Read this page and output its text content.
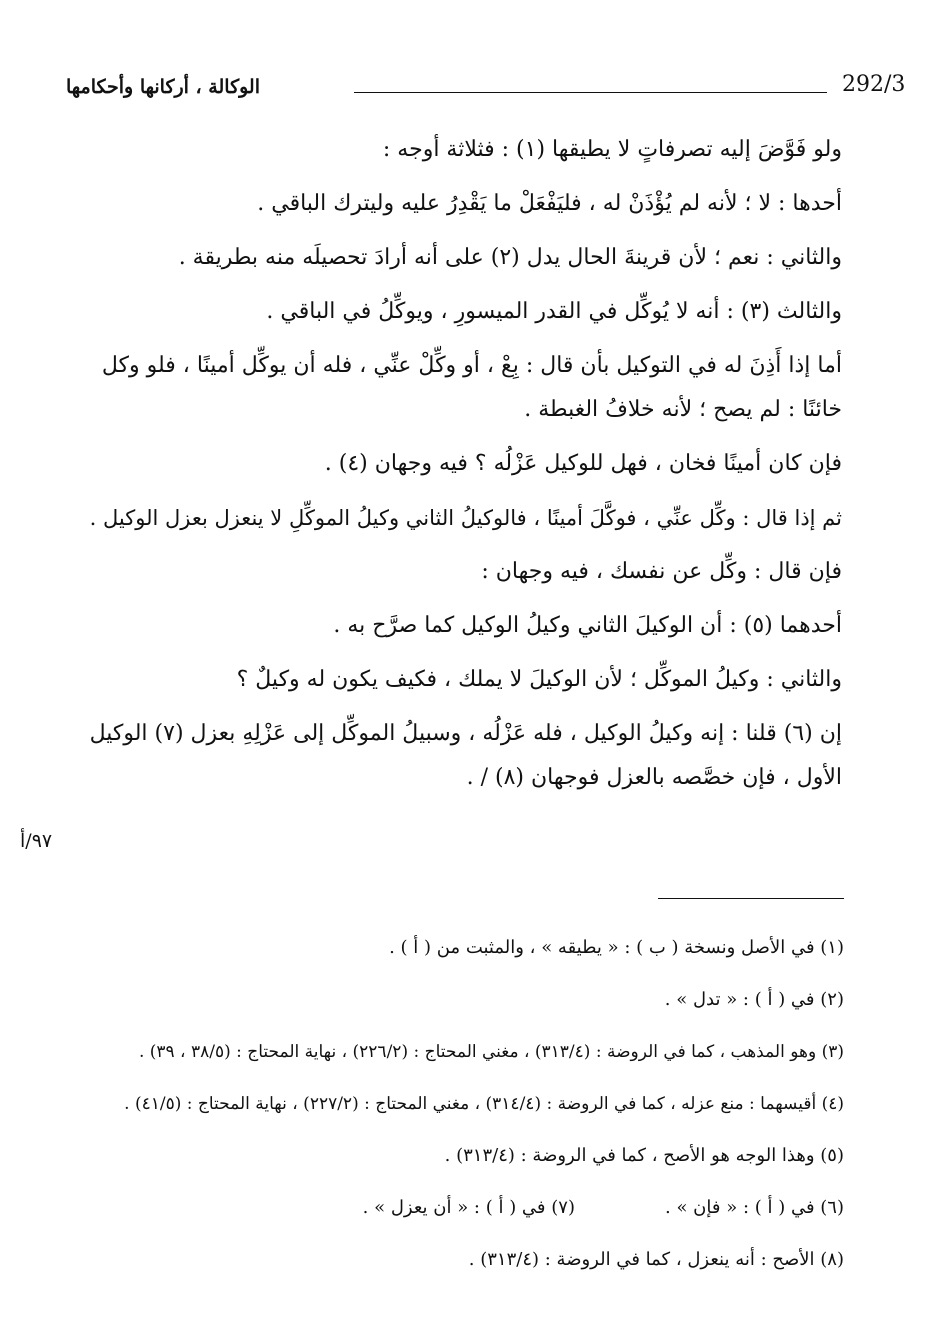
292/3
الوكالة ، أركانها وأحكامها

ولو فَوَّضَ إليه تصرفاتٍ لا يطيقها (١) : فثلاثة أوجه :

أحدها : لا ؛ لأنه لم يُؤْذَنْ له ، فليَفْعَلْ ما يَقْدِرُ عليه وليترك الباقي .

والثاني : نعم ؛ لأن قرينةَ الحال يدل (٢) على أنه أرادَ تحصيلَه منه بطريقة .

والثالث (٣) : أنه لا يُوكِّل في القدر الميسورِ ، ويوكِّلُ في الباقي .

أما إذا أَذِنَ له في التوكيل بأن قال : بِعْ ، أو وكِّلْ عنِّي ، فله أن يوكِّل أمينًا ، فلو وكل خائنًا : لم يصح ؛ لأنه خلافُ الغبطة .

فإن كان أمينًا فخان ، فهل للوكيل عَزْلُه ؟ فيه وجهان (٤) .

ثم إذا قال : وكِّل عنِّي ، فوكَّلَ أمينًا ، فالوكيلُ الثاني وكيلُ الموكِّلِ لا ينعزل بعزل الوكيل .

فإن قال : وكِّل عن نفسك ، فيه وجهان :

أحدهما (٥) : أن الوكيلَ الثاني وكيلُ الوكيل كما صرَّح به .

والثاني : وكيلُ الموكِّل ؛ لأن الوكيلَ لا يملك ، فكيف يكون له وكيلٌ ؟

إن (٦) قلنا : إنه وكيلُ الوكيل ، فله عَزْلُه ، وسبيلُ الموكِّل إلى عَزْلِهِ بعزل (٧) الوكيل الأول ، فإن خصَّصه بالعزل فوجهان (٨) / .

٩٧/أ

(١) في الأصل ونسخة ( ب ) : « يطيقه » ، والمثبت من ( أ ) .

(٢) في ( أ ) : « تدل » .

(٣) وهو المذهب ، كما في الروضة : (٣١٣/٤) ، مغني المحتاج : (٢٢٦/٢) ، نهاية المحتاج : (٣٨/٥ ، ٣٩) .

(٤) أقيسهما : منع عزله ، كما في الروضة : (٣١٤/٤) ، مغني المحتاج : (٢٢٧/٢) ، نهاية المحتاج : (٤١/٥) .

(٥) وهذا الوجه هو الأصح ، كما في الروضة : (٣١٣/٤) .

(٦) في ( أ ) : « فإن » .
(٧) في ( أ ) : « أن يعزل » .

(٨) الأصح : أنه ينعزل ، كما في الروضة : (٣١٣/٤) .
